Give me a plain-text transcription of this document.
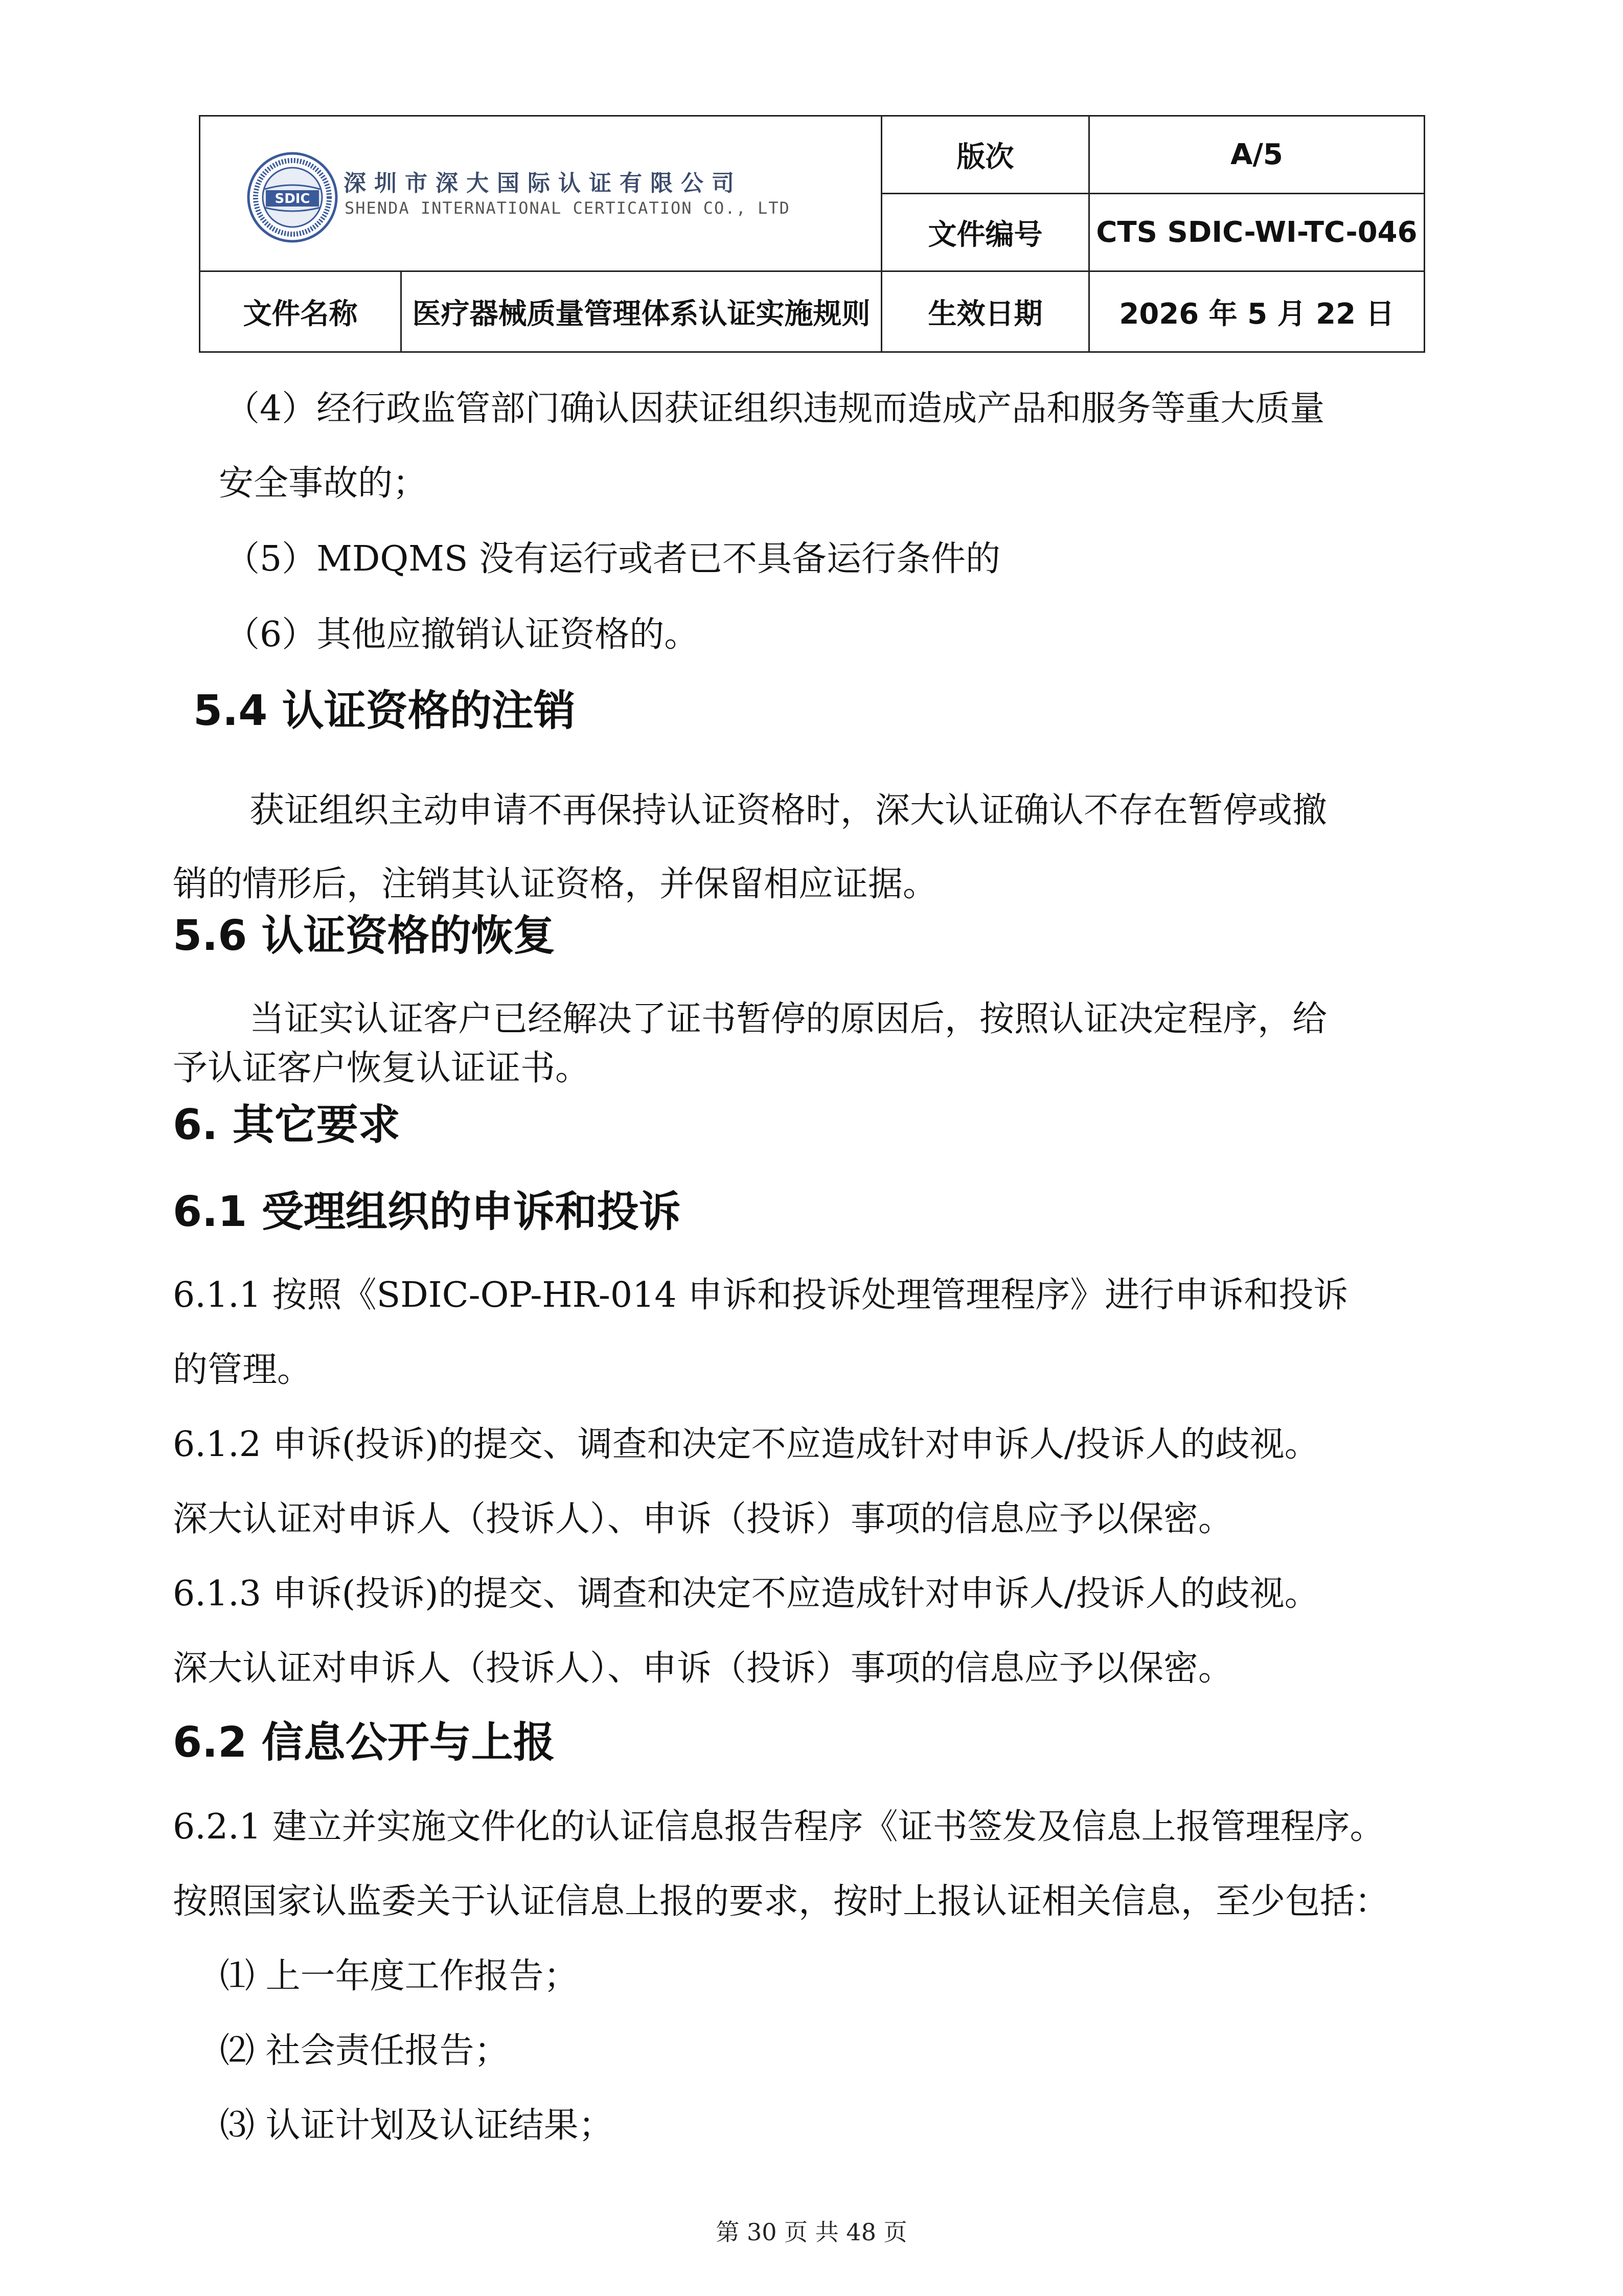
SDIC
深圳市深大国际认证有限公司
SHENDA INTERNATIONAL CERTICATION CO., LTD		版次	A/5
		文件编号	CTS SDIC-WI-TC-046
文件名称	医疗器械质量管理体系认证实施规则	生效日期	2026 年 5 月 22 日
（4）经行政监管部门确认因获证组织违规而造成产品和服务等重大质量
安全事故的；
（5）MDQMS 没有运行或者已不具备运行条件的
（6）其他应撤销认证资格的。
5.4 认证资格的注销
获证组织主动申请不再保持认证资格时，深大认证确认不存在暂停或撤
销的情形后，注销其认证资格，并保留相应证据。
5.6 认证资格的恢复
当证实认证客户已经解决了证书暂停的原因后，按照认证决定程序，给
予认证客户恢复认证证书。
6. 其它要求
6.1 受理组织的申诉和投诉
6.1.1 按照《SDIC-OP-HR-014 申诉和投诉处理管理程序》进行申诉和投诉
的管理。
6.1.2 申诉(投诉)的提交、调查和决定不应造成针对申诉人/投诉人的歧视。
深大认证对申诉人（投诉人）、申诉（投诉）事项的信息应予以保密。
6.1.3 申诉(投诉)的提交、调查和决定不应造成针对申诉人/投诉人的歧视。
深大认证对申诉人（投诉人）、申诉（投诉）事项的信息应予以保密。
6.2 信息公开与上报
6.2.1 建立并实施文件化的认证信息报告程序《证书签发及信息上报管理程序。
按照国家认监委关于认证信息上报的要求，按时上报认证相关信息，至少包括：
⑴ 上一年度工作报告；
⑵ 社会责任报告；
⑶ 认证计划及认证结果；
第 30 页 共 48 页
